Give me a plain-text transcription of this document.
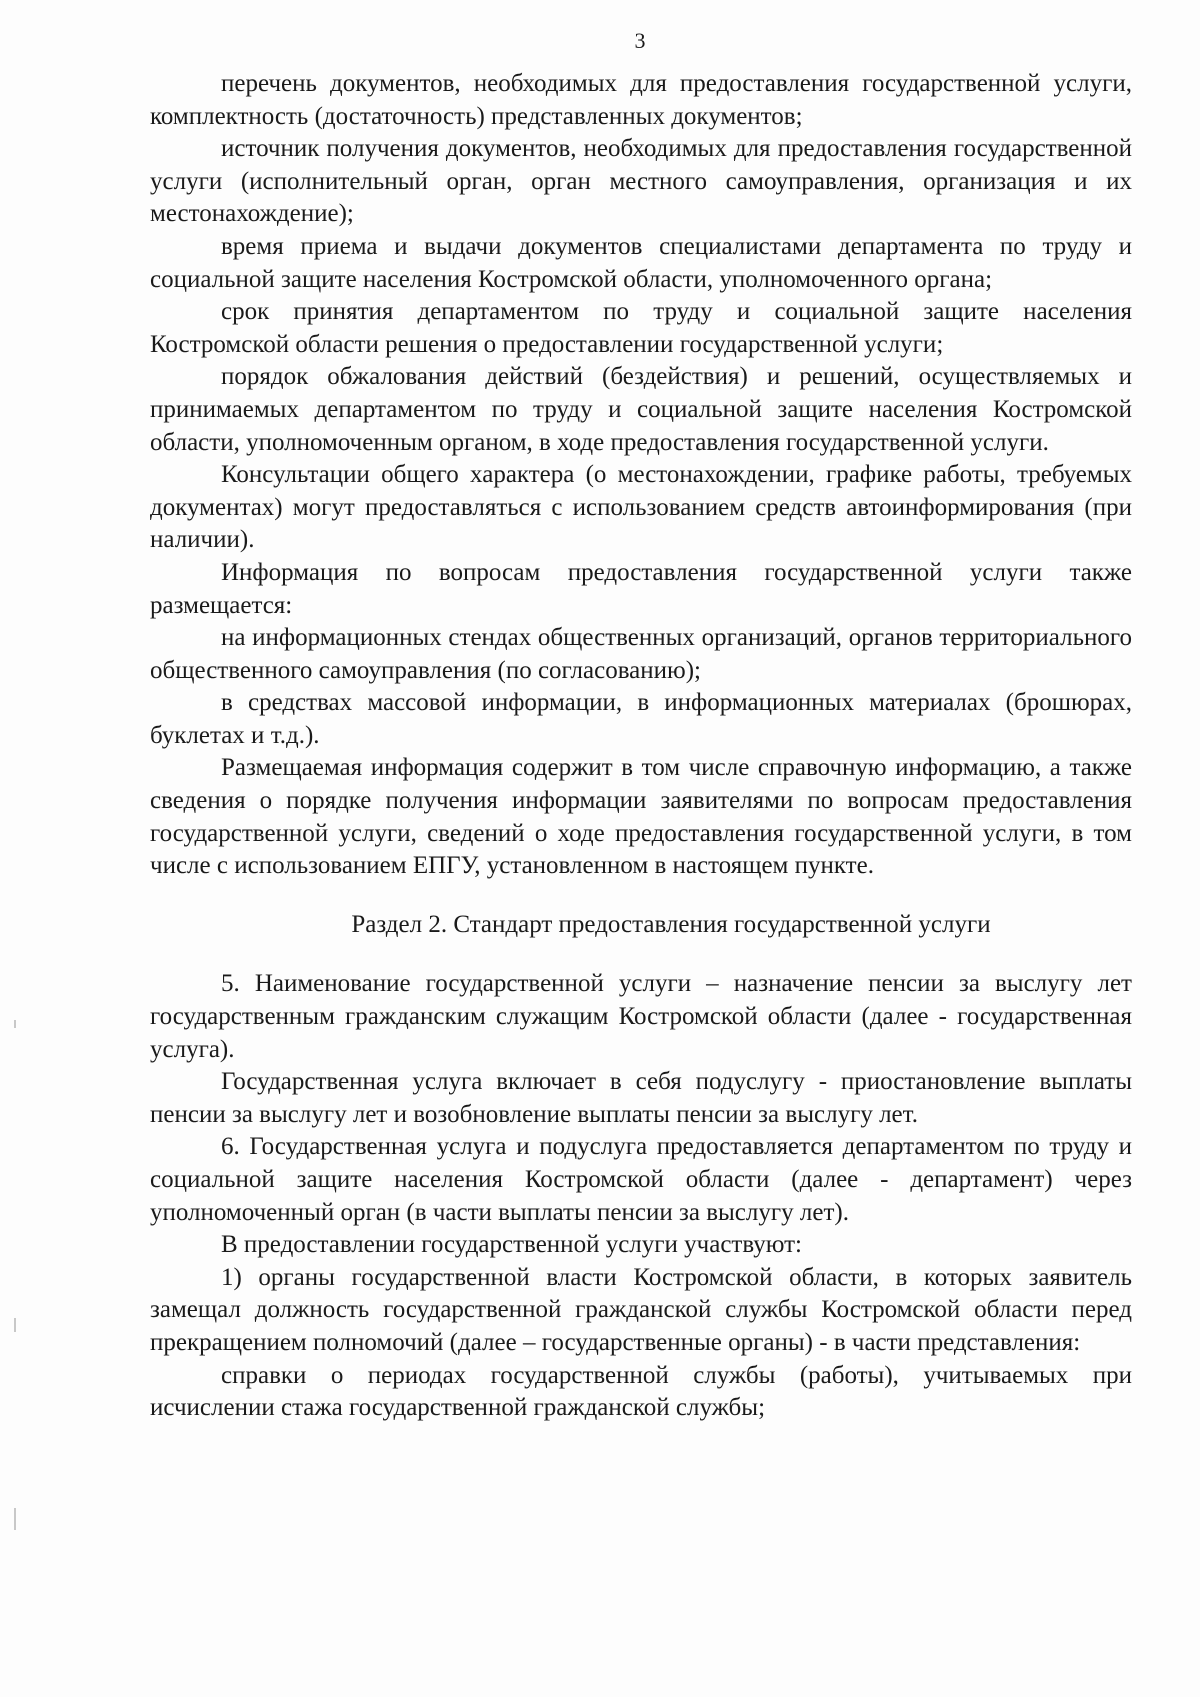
3

перечень документов, необходимых для предоставления государственной услуги, комплектность (достаточность) представленных документов;

источник получения документов, необходимых для предоставления государственной услуги (исполнительный орган, орган местного самоуправления, организация и их местонахождение);

время приема и выдачи документов специалистами департамента по труду и социальной защите населения Костромской области, уполномоченного органа;

срок принятия департаментом по труду и социальной защите населения Костромской области решения о предоставлении государственной услуги;

порядок обжалования действий (бездействия) и решений, осуществляемых и принимаемых департаментом по труду и социальной защите населения Костромской области, уполномоченным органом, в ходе предоставления государственной услуги.

Консультации общего характера (о местонахождении, графике работы, требуемых документах) могут предоставляться с использованием средств автоинформирования (при наличии).

Информация по вопросам предоставления государственной услуги также размещается:

на информационных стендах общественных организаций, органов территориального общественного самоуправления (по согласованию);

в средствах массовой информации, в информационных материалах (брошюрах, буклетах и т.д.).

Размещаемая информация содержит в том числе справочную информацию, а также сведения о порядке получения информации заявителями по вопросам предоставления государственной услуги, сведений о ходе предоставления государственной услуги, в том числе с использованием ЕПГУ, установленном в настоящем пункте.

Раздел 2. Стандарт предоставления государственной услуги

5. Наименование государственной услуги – назначение пенсии за выслугу лет государственным гражданским служащим Костромской области (далее - государственная услуга).

Государственная услуга включает в себя подуслугу - приостановление выплаты пенсии за выслугу лет и возобновление выплаты пенсии за выслугу лет.

6. Государственная услуга и подуслуга предоставляется департаментом по труду и социальной защите населения Костромской области (далее - департамент) через уполномоченный орган (в части выплаты пенсии за выслугу лет).

В предоставлении государственной услуги участвуют:

1) органы государственной власти Костромской области, в которых заявитель замещал должность государственной гражданской службы Костромской области перед прекращением полномочий (далее – государственные органы) - в части представления:

справки о периодах государственной службы (работы), учитываемых при исчислении стажа государственной гражданской службы;
